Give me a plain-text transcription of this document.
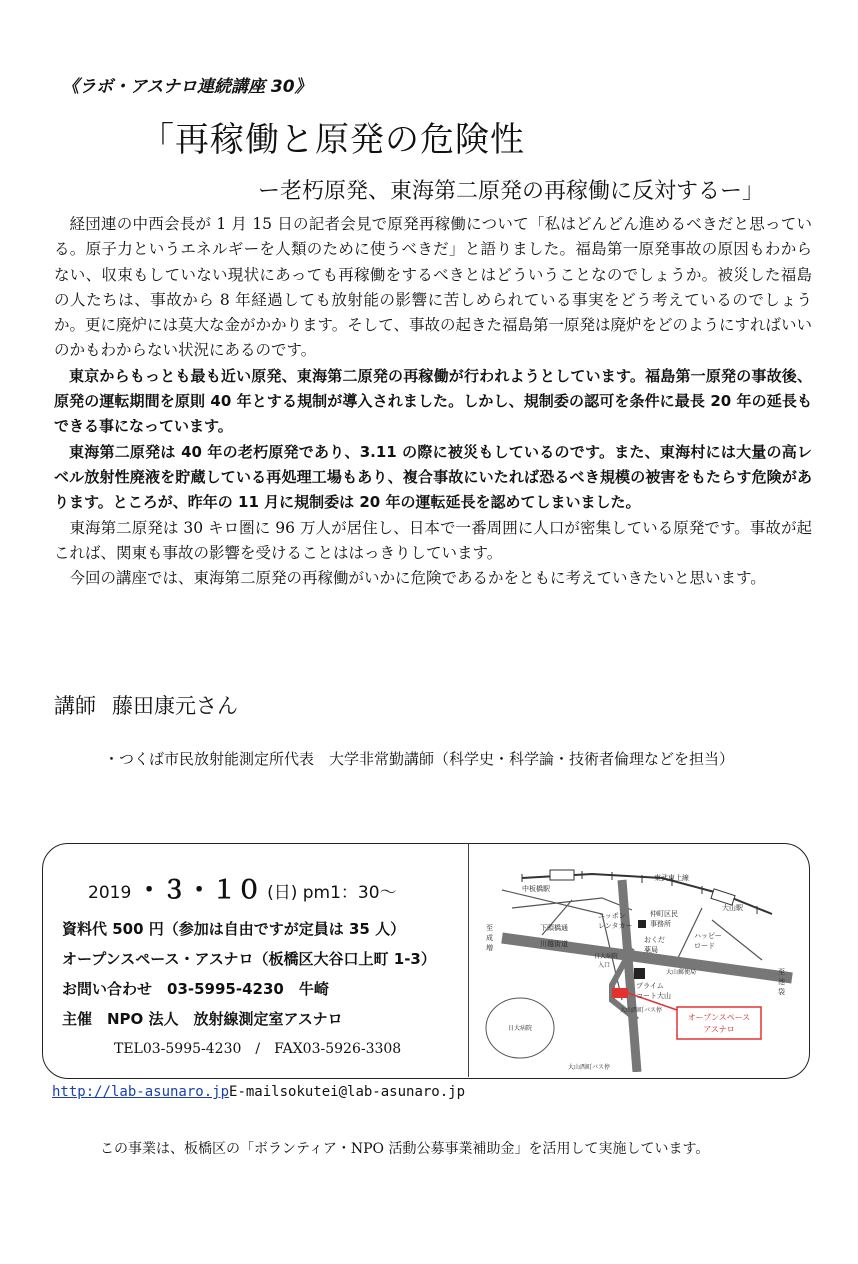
《ラボ・アスナロ連続講座 30》
「再稼働と原発の危険性
ー老朽原発、東海第二原発の再稼働に反対するー」

経団連の中西会長が 1 月 15 日の記者会見で原発再稼働について「私はどんどん進めるべきだと思っている。原子力というエネルギーを人類のために使うべきだ」と語りました。福島第一原発事故の原因もわからない、収束もしていない現状にあっても再稼働をするべきとはどういうことなのでしょうか。被災した福島の人たちは、事故から 8 年経過しても放射能の影響に苦しめられている事実をどう考えているのでしょうか。更に廃炉には莫大な金がかかります。そして、事故の起きた福島第一原発は廃炉をどのようにすればいいのかもわからない状況にあるのです。

東京からもっとも最も近い原発、東海第二原発の再稼働が行われようとしています。福島第一原発の事故後、原発の運転期間を原則 40 年とする規制が導入されました。しかし、規制委の認可を条件に最長 20 年の延長もできる事になっています。

東海第二原発は 40 年の老朽原発であり、3.11 の際に被災もしているのです。また、東海村には大量の高レベル放射性廃液を貯蔵している再処理工場もあり、複合事故にいたれば恐るべき規模の被害をもたらす危険があります。ところが、昨年の 11 月に規制委は 20 年の運転延長を認めてしまいました。

東海第二原発は 30 キロ圏に 96 万人が居住し、日本で一番周囲に人口が密集している原発です。事故が起これば、関東も事故の影響を受けることははっきりしています。

今回の講座では、東海第二原発の再稼働がいかに危険であるかをともに考えていきたいと思います。

講師 藤田康元さん
・つくば市民放射能測定所代表　大学非常勤講師（科学史・科学論・技術者倫理などを担当）
2019 ・３・１０ (日) pm1：30～
資料代 500 円（参加は自由ですが定員は 35 人）
オープンスペース・アスナロ（板橋区大谷口上町 1-3）
お問い合わせ　03-5995-4230　牛崎
主催　NPO 法人　放射線測定室アスナロ
TEL03-5995-4230　/　FAX03-5926-3308
東武東上線
中板橋駅
大山駅
下頭橋通
川越街道
ニッポン
レンタカー
仲町区民
事務所
おくだ
薬局
ハッピー
ロード
日大病院
入口
大山郵便局
プライム
コート大山
大山西町バス停
日大病院
大山西町バス停
至
成
増
至
池
袋
オープンスペース
アスナロ
http://lab-asunaro.jpE-mailsokutei@lab-asunaro.jp
この事業は、板橋区の「ボランティア・NPO 活動公募事業補助金」を活用して実施しています。
